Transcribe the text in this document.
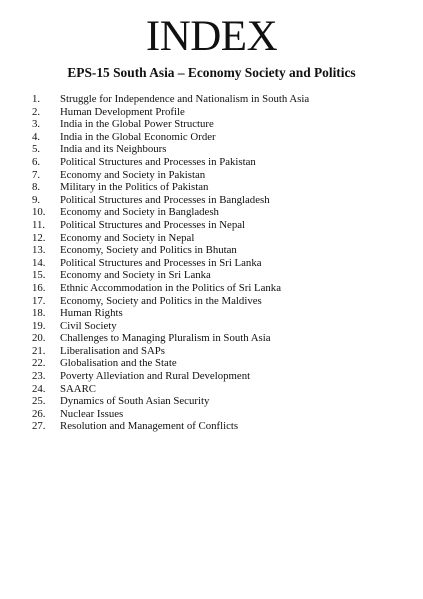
INDEX
EPS-15 South Asia – Economy Society and Politics
1.	Struggle for Independence and Nationalism in South Asia
2.	Human Development Profile
3.	India in the Global Power Structure
4.	India in the Global Economic Order
5.	India and its Neighbours
6.	Political Structures and Processes in Pakistan
7.	Economy and Society in Pakistan
8.	Military in the Politics of Pakistan
9.	Political Structures and Processes in Bangladesh
10.	Economy and Society in Bangladesh
11.	Political Structures and Processes in Nepal
12.	Economy and Society in Nepal
13.	Economy, Society and Politics in Bhutan
14.	Political Structures and Processes in Sri Lanka
15.	Economy and Society in Sri Lanka
16.	Ethnic Accommodation in the Politics of Sri Lanka
17.	Economy, Society and Politics in the Maldives
18.	Human Rights
19.	Civil Society
20.	Challenges to Managing Pluralism in South Asia
21.	Liberalisation and SAPs
22.	Globalisation and the State
23.	Poverty Alleviation and Rural Development
24.	SAARC
25.	Dynamics of South Asian Security
26.	Nuclear Issues
27.	Resolution and Management of Conflicts
